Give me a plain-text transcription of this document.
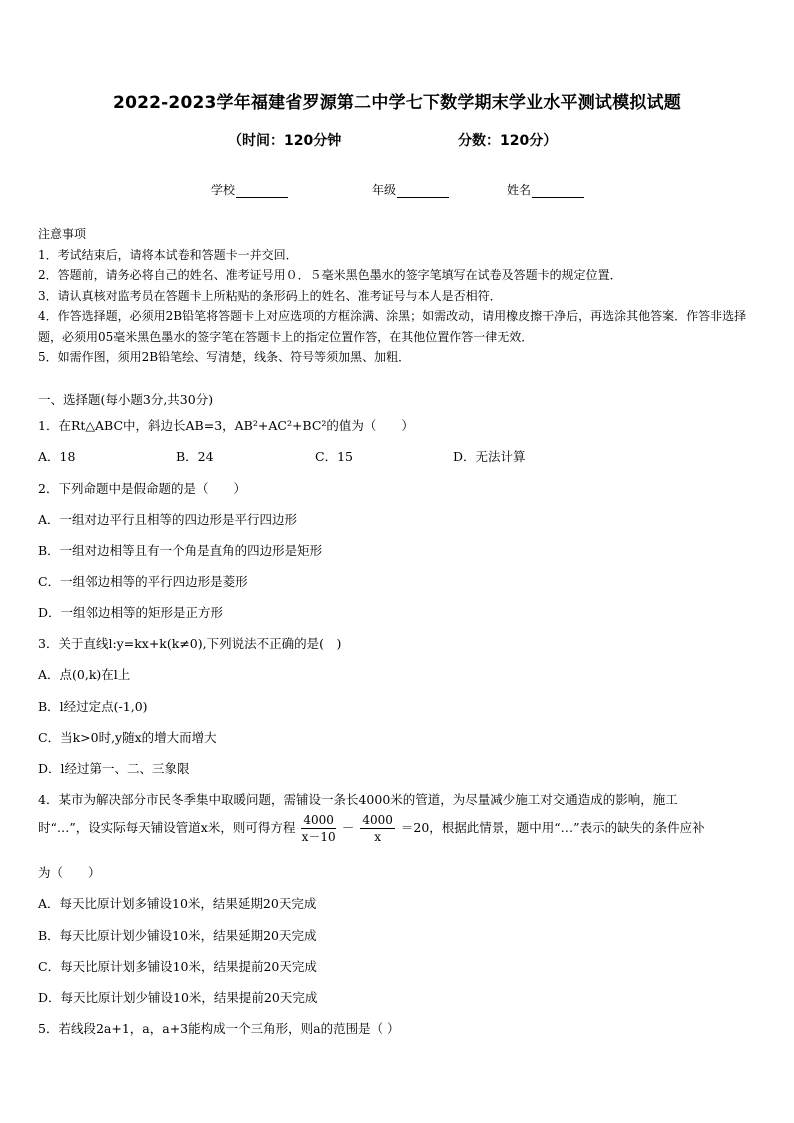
2022-2023学年福建省罗源第二中学七下数学期末学业水平测试模拟试题
（时间：120分钟	分数：120分）
学校	年级	姓名
注意事项
1．考试结束后，请将本试卷和答题卡一并交回．
2．答题前，请务必将自己的姓名、准考证号用０．５毫米黑色墨水的签字笔填写在试卷及答题卡的规定位置．
3．请认真核对监考员在答题卡上所粘贴的条形码上的姓名、准考证号与本人是否相符．
4．作答选择题，必须用2B铅笔将答题卡上对应选项的方框涂满、涂黑；如需改动，请用橡皮擦干净后，再选涂其他答案．作答非选择题，必须用05毫米黑色墨水的签字笔在答题卡上的指定位置作答，在其他位置作答一律无效．
5．如需作图，须用2B铅笔绘、写清楚，线条、符号等须加黑、加粗．
一、选择题(每小题3分,共30分)
1．在Rt△ABC中，斜边长AB=3，AB²+AC²+BC²的值为（　　）
A．18	B．24	C．15	D．无法计算
2．下列命题中是假命题的是（　　）
A．一组对边平行且相等的四边形是平行四边形
B．一组对边相等且有一个角是直角的四边形是矩形
C．一组邻边相等的平行四边形是菱形
D．一组邻边相等的矩形是正方形
3．关于直线l:y=kx+k(k≠0),下列说法不正确的是(　)
A．点(0,k)在l上
B．l经过定点(-1,0)
C．当k>0时,y随x的增大而增大
D．l经过第一、二、三象限
4．某市为解决部分市民冬季集中取暖问题，需铺设一条长4000米的管道，为尽量减少施工对交通造成的影响，施工
时“…”，设实际每天铺设管道x米，则可得方程 $\frac{4000}{x-10} - \frac{4000}{x} =20$，根据此情景，题中用“…”表示的缺失的条件应补
为（　　）
A．每天比原计划多铺设10米，结果延期20天完成
B．每天比原计划少铺设10米，结果延期20天完成
C．每天比原计划多铺设10米，结果提前20天完成
D．每天比原计划少铺设10米，结果提前20天完成
5．若线段2a+1，a，a+3能构成一个三角形，则a的范围是（ ）
